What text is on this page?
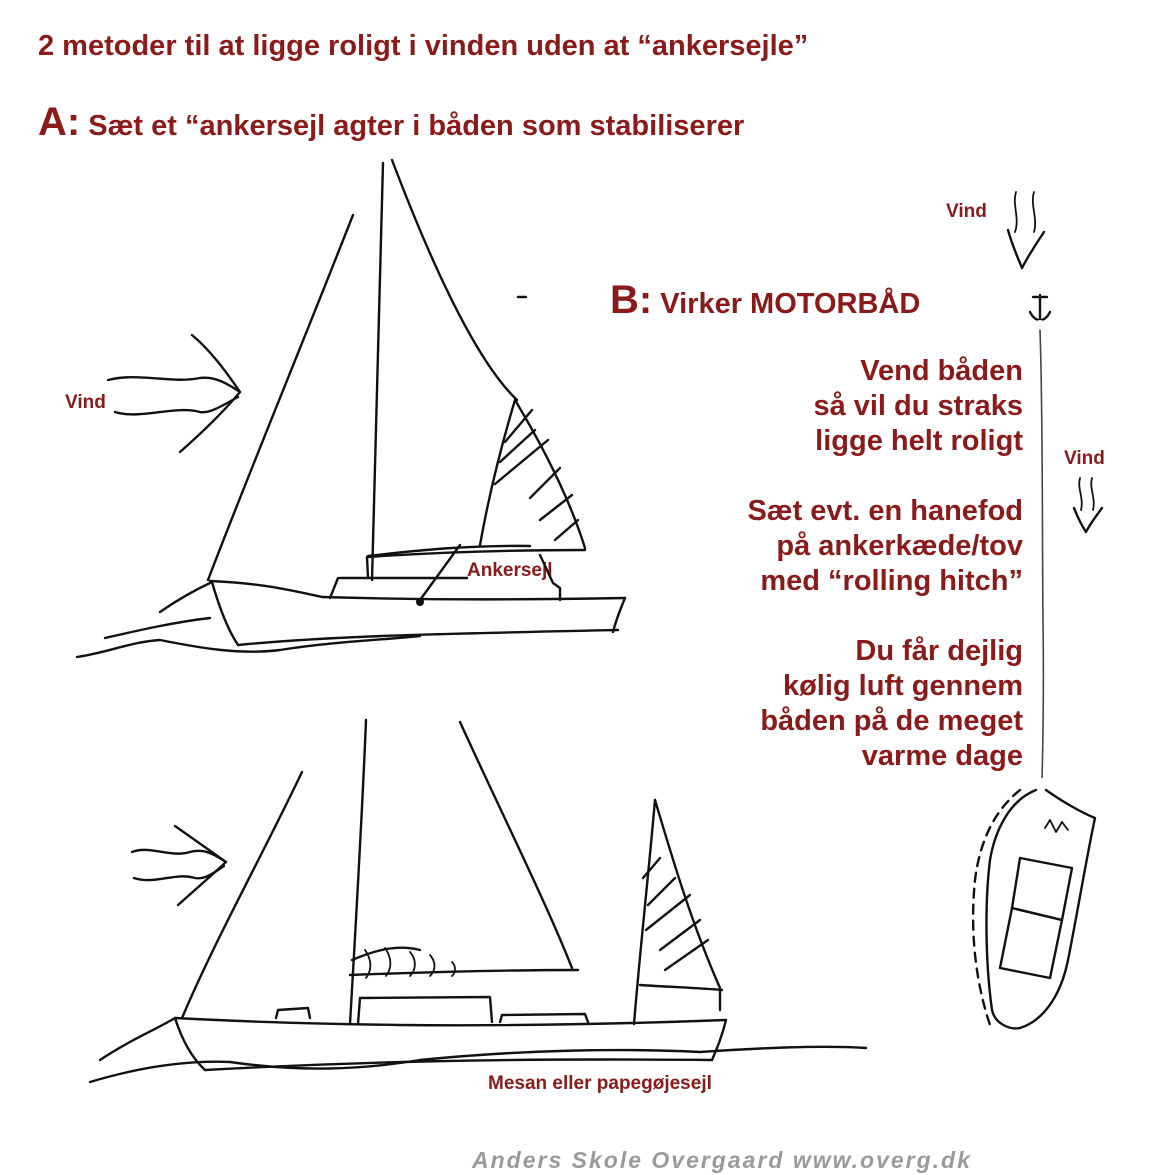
2 metoder til at ligge roligt i vinden uden at “ankersejle”

A: Sæt et “ankersejl agter i båden som stabiliserer

B: Virker MOTORBÅD

Vend båden
så vil du straks
ligge helt roligt
Sæt evt. en hanefod
på ankerkæde/tov
med “rolling hitch”
Du får dejlig
kølig luft gennem
båden på de meget
varme dage

Vind

Vind

Vind

Ankersejl

Mesan eller papegøjesejl

Anders Skole Overgaard www.overg.dk
